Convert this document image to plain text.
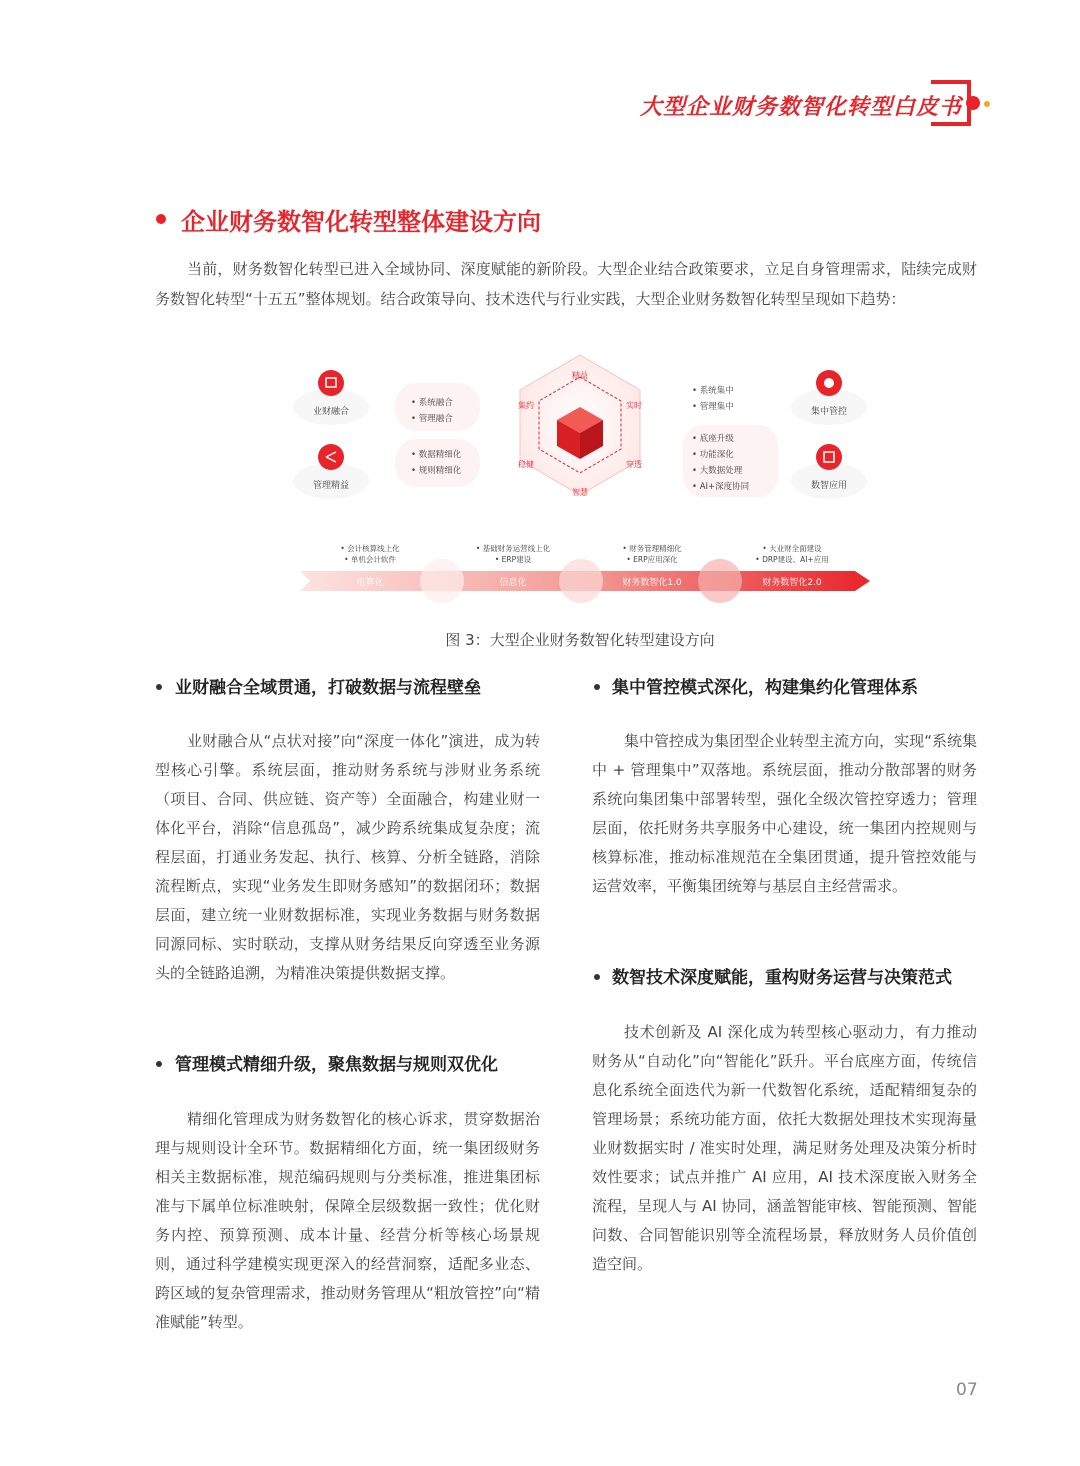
大型企业财务数智化转型白皮书
企业财务数智化转型整体建设方向
当前，财务数智化转型已进入全域协同、深度赋能的新阶段。大型企业结合政策要求，立足自身管理需求，陆续完成财务数智化转型“十五五”整体规划。结合政策导向、技术迭代与行业实践，大型企业财务数智化转型呈现如下趋势：
业财融合
管理精益
• 系统融合
• 管理融合
• 数据精细化
• 规则精细化
精益
集约	实时
稳健	穿透
智慧
• 系统集中
• 管理集中
• 底座升级
• 功能深化
• 大数据处理
• AI+深度协同
集中管控
数智应用
• 会计核算线上化
• 单机会计软件
电算化
• 基础财务运营线上化
• ERP建设
信息化
• 财务管理精细化
• ERP应用深化
财务数智化1.0
• 大业财全面建设
• DRP建设、AI+应用
财务数智化2.0
图 3：大型企业财务数智化转型建设方向
业财融合全域贯通，打破数据与流程壁垒
业财融合从“点状对接”向“深度一体化”演进，成为转型核心引擎。系统层面，推动财务系统与涉财业务系统（项目、合同、供应链、资产等）全面融合，构建业财一体化平台，消除“信息孤岛”，减少跨系统集成复杂度；流程层面，打通业务发起、执行、核算、分析全链路，消除流程断点，实现“业务发生即财务感知”的数据闭环；数据层面，建立统一业财数据标准，实现业务数据与财务数据同源同标、实时联动，支撑从财务结果反向穿透至业务源头的全链路追溯，为精准决策提供数据支撑。
管理模式精细升级，聚焦数据与规则双优化
精细化管理成为财务数智化的核心诉求，贯穿数据治理与规则设计全环节。数据精细化方面，统一集团级财务相关主数据标准，规范编码规则与分类标准，推进集团标准与下属单位标准映射，保障全层级数据一致性；优化财务内控、预算预测、成本计量、经营分析等核心场景规则，通过科学建模实现更深入的经营洞察，适配多业态、跨区域的复杂管理需求，推动财务管理从“粗放管控”向“精准赋能”转型。
集中管控模式深化，构建集约化管理体系
集中管控成为集团型企业转型主流方向，实现“系统集中 + 管理集中”双落地。系统层面，推动分散部署的财务系统向集团集中部署转型，强化全级次管控穿透力；管理层面，依托财务共享服务中心建设，统一集团内控规则与核算标准，推动标准规范在全集团贯通，提升管控效能与运营效率，平衡集团统筹与基层自主经营需求。
数智技术深度赋能，重构财务运营与决策范式
技术创新及 AI 深化成为转型核心驱动力，有力推动财务从“自动化”向“智能化”跃升。平台底座方面，传统信息化系统全面迭代为新一代数智化系统，适配精细复杂的管理场景；系统功能方面，依托大数据处理技术实现海量业财数据实时 / 准实时处理，满足财务处理及决策分析时效性要求；试点并推广 AI 应用，AI 技术深度嵌入财务全流程，呈现人与 AI 协同，涵盖智能审核、智能预测、智能问数、合同智能识别等全流程场景，释放财务人员价值创造空间。
07
